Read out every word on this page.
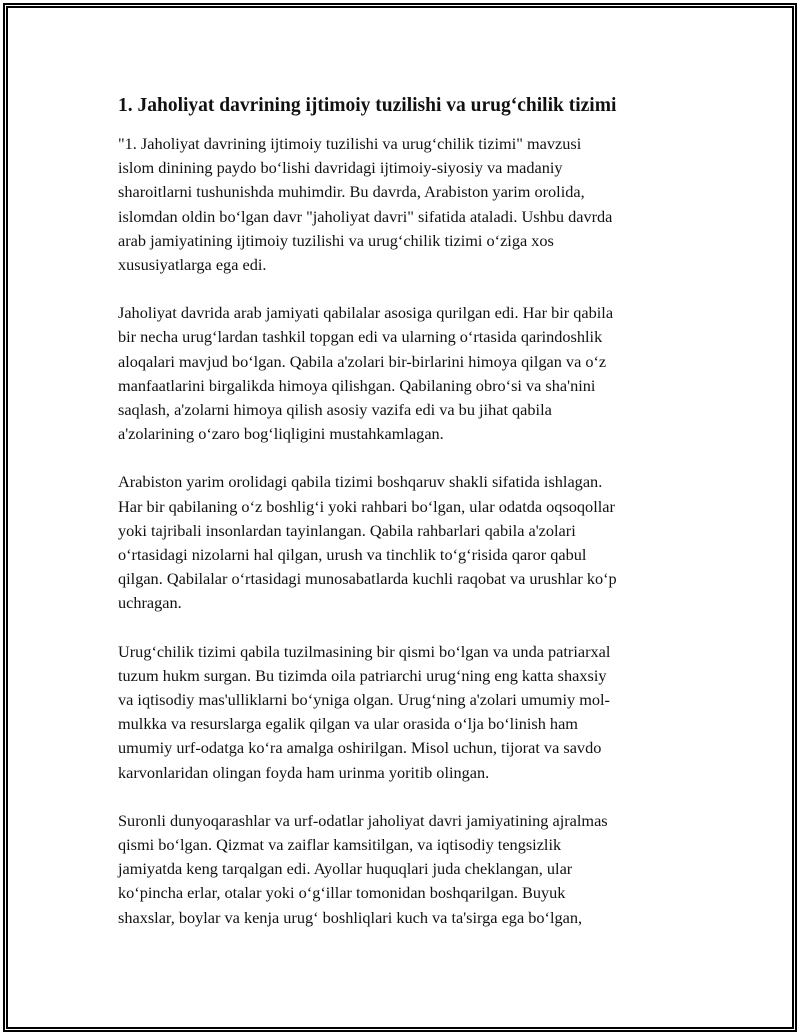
1. Jaholiyat davrining ijtimoiy tuzilishi va urug‘chilik tizimi

"1. Jaholiyat davrining ijtimoiy tuzilishi va urug‘chilik tizimi" mavzusi
islom dinining paydo bo‘lishi davridagi ijtimoiy-siyosiy va madaniy
sharoitlarni tushunishda muhimdir. Bu davrda, Arabiston yarim orolida,
islomdan oldin bo‘lgan davr "jaholiyat davri" sifatida ataladi. Ushbu davrda
arab jamiyatining ijtimoiy tuzilishi va urug‘chilik tizimi o‘ziga xos
xususiyatlarga ega edi.

Jaholiyat davrida arab jamiyati qabilalar asosiga qurilgan edi. Har bir qabila
bir necha urug‘lardan tashkil topgan edi va ularning o‘rtasida qarindoshlik
aloqalari mavjud bo‘lgan. Qabila a'zolari bir-birlarini himoya qilgan va o‘z
manfaatlarini birgalikda himoya qilishgan. Qabilaning obro‘si va sha'nini
saqlash, a'zolarni himoya qilish asosiy vazifa edi va bu jihat qabila
a'zolarining o‘zaro bog‘liqligini mustahkamlagan.

Arabiston yarim orolidagi qabila tizimi boshqaruv shakli sifatida ishlagan.
Har bir qabilaning o‘z boshlig‘i yoki rahbari bo‘lgan, ular odatda oqsoqollar
yoki tajribali insonlardan tayinlangan. Qabila rahbarlari qabila a'zolari
o‘rtasidagi nizolarni hal qilgan, urush va tinchlik to‘g‘risida qaror qabul
qilgan. Qabilalar o‘rtasidagi munosabatlarda kuchli raqobat va urushlar ko‘p
uchragan.

Urug‘chilik tizimi qabila tuzilmasining bir qismi bo‘lgan va unda patriarxal
tuzum hukm surgan. Bu tizimda oila patriarchi urug‘ning eng katta shaxsiy
va iqtisodiy mas'ulliklarni bo‘yniga olgan. Urug‘ning a'zolari umumiy mol-
mulkka va resurslarga egalik qilgan va ular orasida o‘lja bo‘linish ham
umumiy urf-odatga ko‘ra amalga oshirilgan. Misol uchun, tijorat va savdo
karvonlaridan olingan foyda ham urinma yoritib olingan.

Suronli dunyoqarashlar va urf-odatlar jaholiyat davri jamiyatining ajralmas
qismi bo‘lgan. Qizmat va zaiflar kamsitilgan, va iqtisodiy tengsizlik
jamiyatda keng tarqalgan edi. Ayollar huquqlari juda cheklangan, ular
ko‘pincha erlar, otalar yoki o‘g‘illar tomonidan boshqarilgan. Buyuk
shaxslar, boylar va kenja urug‘ boshliqlari kuch va ta'sirga ega bo‘lgan,
